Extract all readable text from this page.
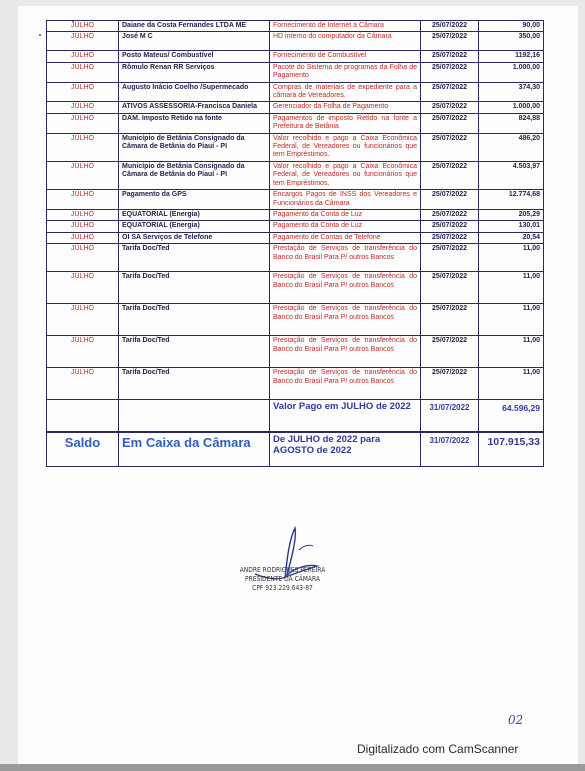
JULHO	Daiane da Costa Fernandes LTDA ME	Fornecimento de Internet a Câmara	25/07/2022	90,00
JULHO	José M C	HD interno do computador da Câmara	25/07/2022	350,00
JULHO	Posto Mateus/ Combustível	Fornecimento de Combustível	25/07/2022	1192,16
JULHO	Rômulo Renan RR Serviços	Pacote do Sistema de programas da Folha de Pagamento	25/07/2022	1.000,00
JULHO	Augusto Inácio Coelho /Supermecado	Compras de materiais de expediente para a câmara de Vereadores.	25/07/2022	374,30
JULHO	ATIVOS ASSESSORIA-Francisca Daniela	Gerenciador da Folha de Pagamento	25/07/2022	1.000,00
JULHO	DAM. Imposto Retido na fonte	Pagamentos de imposto Retido na fonte a Prefeitura de Betânia	25/07/2022	824,88
JULHO	Município de Betânia Consignado da Câmara de Betânia do Piauí - PI	Valor recolhido e pago a Caixa Econômica Federal, de Vereadores ou funcionários que tem Empréstimos.	25/07/2022	486,20
JULHO	Município de Betânia Consignado da Câmara de Betânia do Piauí - PI	Valor recolhido e pago a Caixa Econômica Federal, de Vereadores ou funcionários que tem Empréstimos.	25/07/2022	4.503,97
JULHO	Pagamento da GPS	Encargos Pagos de INSS dos Vereadores e Funcionários da Câmara	25/07/2022	12.774,68
JULHO	EQUATORIAL (Energia)	Pagamento da Conta de Luz	25/07/2022	205,29
JULHO	EQUATORIAL (Energia)	Pagamento da Conta de Luz	25/07/2022	130,01
JULHO	OI SA Serviços de Telefone	Pagamento de Contas de Telefone	25/07/2022	20,54
JULHO	Tarifa Doc/Ted	Prestação de Serviços de transferência do Banco do Brasil Para P/ outros Bancos	25/07/2022	11,00
JULHO	Tarifa Doc/Ted	Prestação de Serviços de transferência do Banco do Brasil Para P/ outros Bancos	25/07/2022	11,00
JULHO	Tarifa Doc/Ted	Prestação de Serviços de transferência do Banco do Brasil Para P/ outros Bancos	25/07/2022	11,00
JULHO	Tarifa Doc/Ted	Prestação de Serviços de transferência do Banco do Brasil Para P/ outros Bancos	25/07/2022	11,00
JULHO	Tarifa Doc/Ted	Prestação de Serviços de transferência do Banco do Brasil Para P/ outros Bancos	25/07/2022	11,00
		Valor Pago em JULHO de 2022	31/07/2022	64.596,29
Saldo	Em Caixa da Câmara	De JULHO de 2022 para AGOSTO de 2022	31/07/2022	107.915,33
ANDRE RODRIGUES PEREIRA
PRESIDENTE DA CÂMARA
CPF 923.229.643-87
02
Digitalizado com CamScanner
